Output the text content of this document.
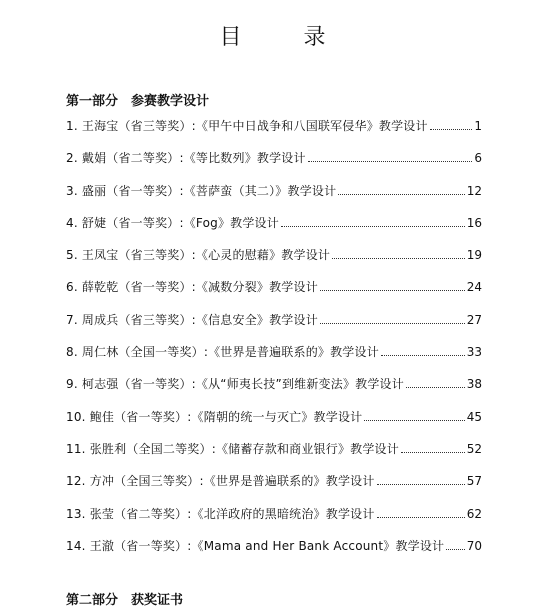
目　录
第一部分　参赛教学设计
1. 王海宝（省三等奖）:《甲午中日战争和八国联军侵华》教学设计	1
2. 戴娟（省二等奖）:《等比数列》教学设计	6
3. 盛丽（省一等奖）:《菩萨蛮（其二）》教学设计	12
4. 舒婕（省一等奖）:《Fog》教学设计	16
5. 王凤宝（省三等奖）:《心灵的慰藉》教学设计	19
6. 薛乾乾（省一等奖）:《减数分裂》教学设计	24
7. 周成兵（省三等奖）:《信息安全》教学设计	27
8. 周仁林（全国一等奖）:《世界是普遍联系的》教学设计	33
9. 柯志强（省一等奖）:《从“师夷长技”到维新变法》教学设计	38
10. 鲍佳（省一等奖）:《隋朝的统一与灭亡》教学设计	45
11. 张胜利（全国二等奖）:《储蓄存款和商业银行》教学设计	52
12. 方冲（全国三等奖）:《世界是普遍联系的》教学设计	57
13. 张莹（省二等奖）:《北洋政府的黑暗统治》教学设计	62
14. 王澈（省一等奖）:《Mama and Her Bank Account》教学设计 70
第二部分　获奖证书
